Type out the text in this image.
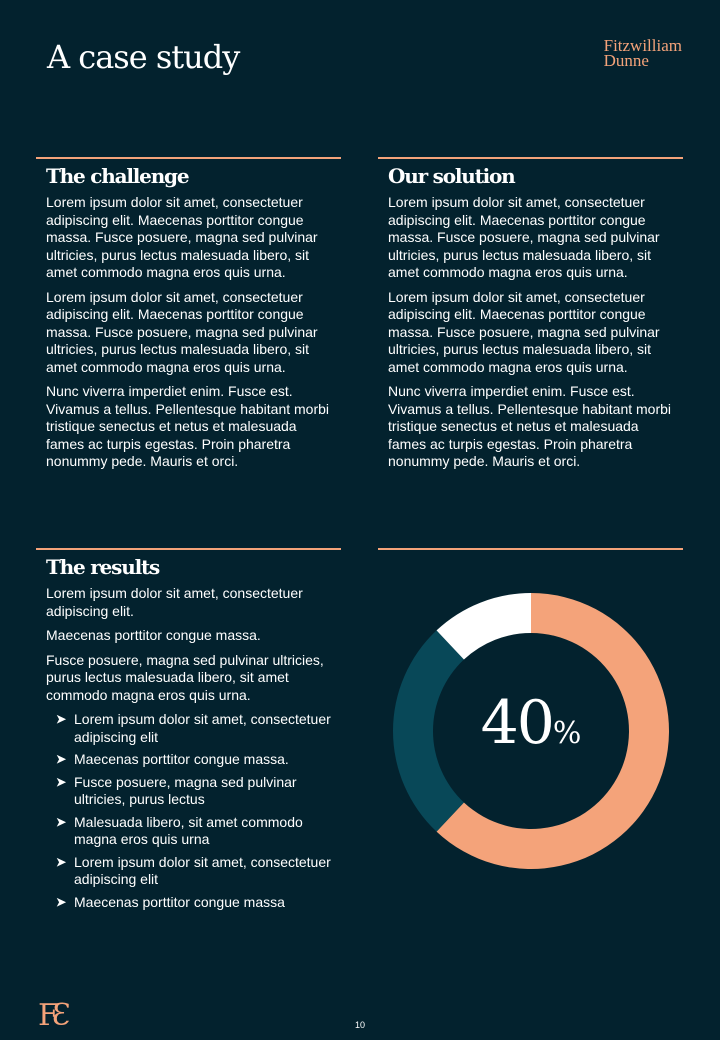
A case study	Fitzwilliam
Dunne
The challenge

Lorem ipsum dolor sit amet, consectetuer adipiscing elit. Maecenas porttitor congue massa. Fusce posuere, magna sed pulvinar ultricies, purus lectus malesuada libero, sit amet commodo magna eros quis urna.

Lorem ipsum dolor sit amet, consectetuer adipiscing elit. Maecenas porttitor congue massa. Fusce posuere, magna sed pulvinar ultricies, purus lectus malesuada libero, sit amet commodo magna eros quis urna.

Nunc viverra imperdiet enim. Fusce est. Vivamus a tellus. Pellentesque habitant morbi tristique senectus et netus et malesuada fames ac turpis egestas. Proin pharetra nonummy pede. Mauris et orci.

Our solution

Lorem ipsum dolor sit amet, consectetuer adipiscing elit. Maecenas porttitor congue massa. Fusce posuere, magna sed pulvinar ultricies, purus lectus malesuada libero, sit amet commodo magna eros quis urna.

Lorem ipsum dolor sit amet, consectetuer adipiscing elit. Maecenas porttitor congue massa. Fusce posuere, magna sed pulvinar ultricies, purus lectus malesuada libero, sit amet commodo magna eros quis urna.

Nunc viverra imperdiet enim. Fusce est. Vivamus a tellus. Pellentesque habitant morbi tristique senectus et netus et malesuada fames ac turpis egestas. Proin pharetra nonummy pede. Mauris et orci.

The results

Lorem ipsum dolor sit amet, consectetuer adipiscing elit.

Maecenas porttitor congue massa.

Fusce posuere, magna sed pulvinar ultricies, purus lectus malesuada libero, sit amet commodo magna eros quis urna.

➤ Lorem ipsum dolor sit amet, consectetuer adipiscing elit
➤ Maecenas porttitor congue massa.
➤ Fusce posuere, magna sed pulvinar ultricies, purus lectus
➤ Malesuada libero, sit amet commodo magna eros quis urna
➤ Lorem ipsum dolor sit amet, consectetuer adipiscing elit
➤ Maecenas porttitor congue massa
40%
FƐ	10
